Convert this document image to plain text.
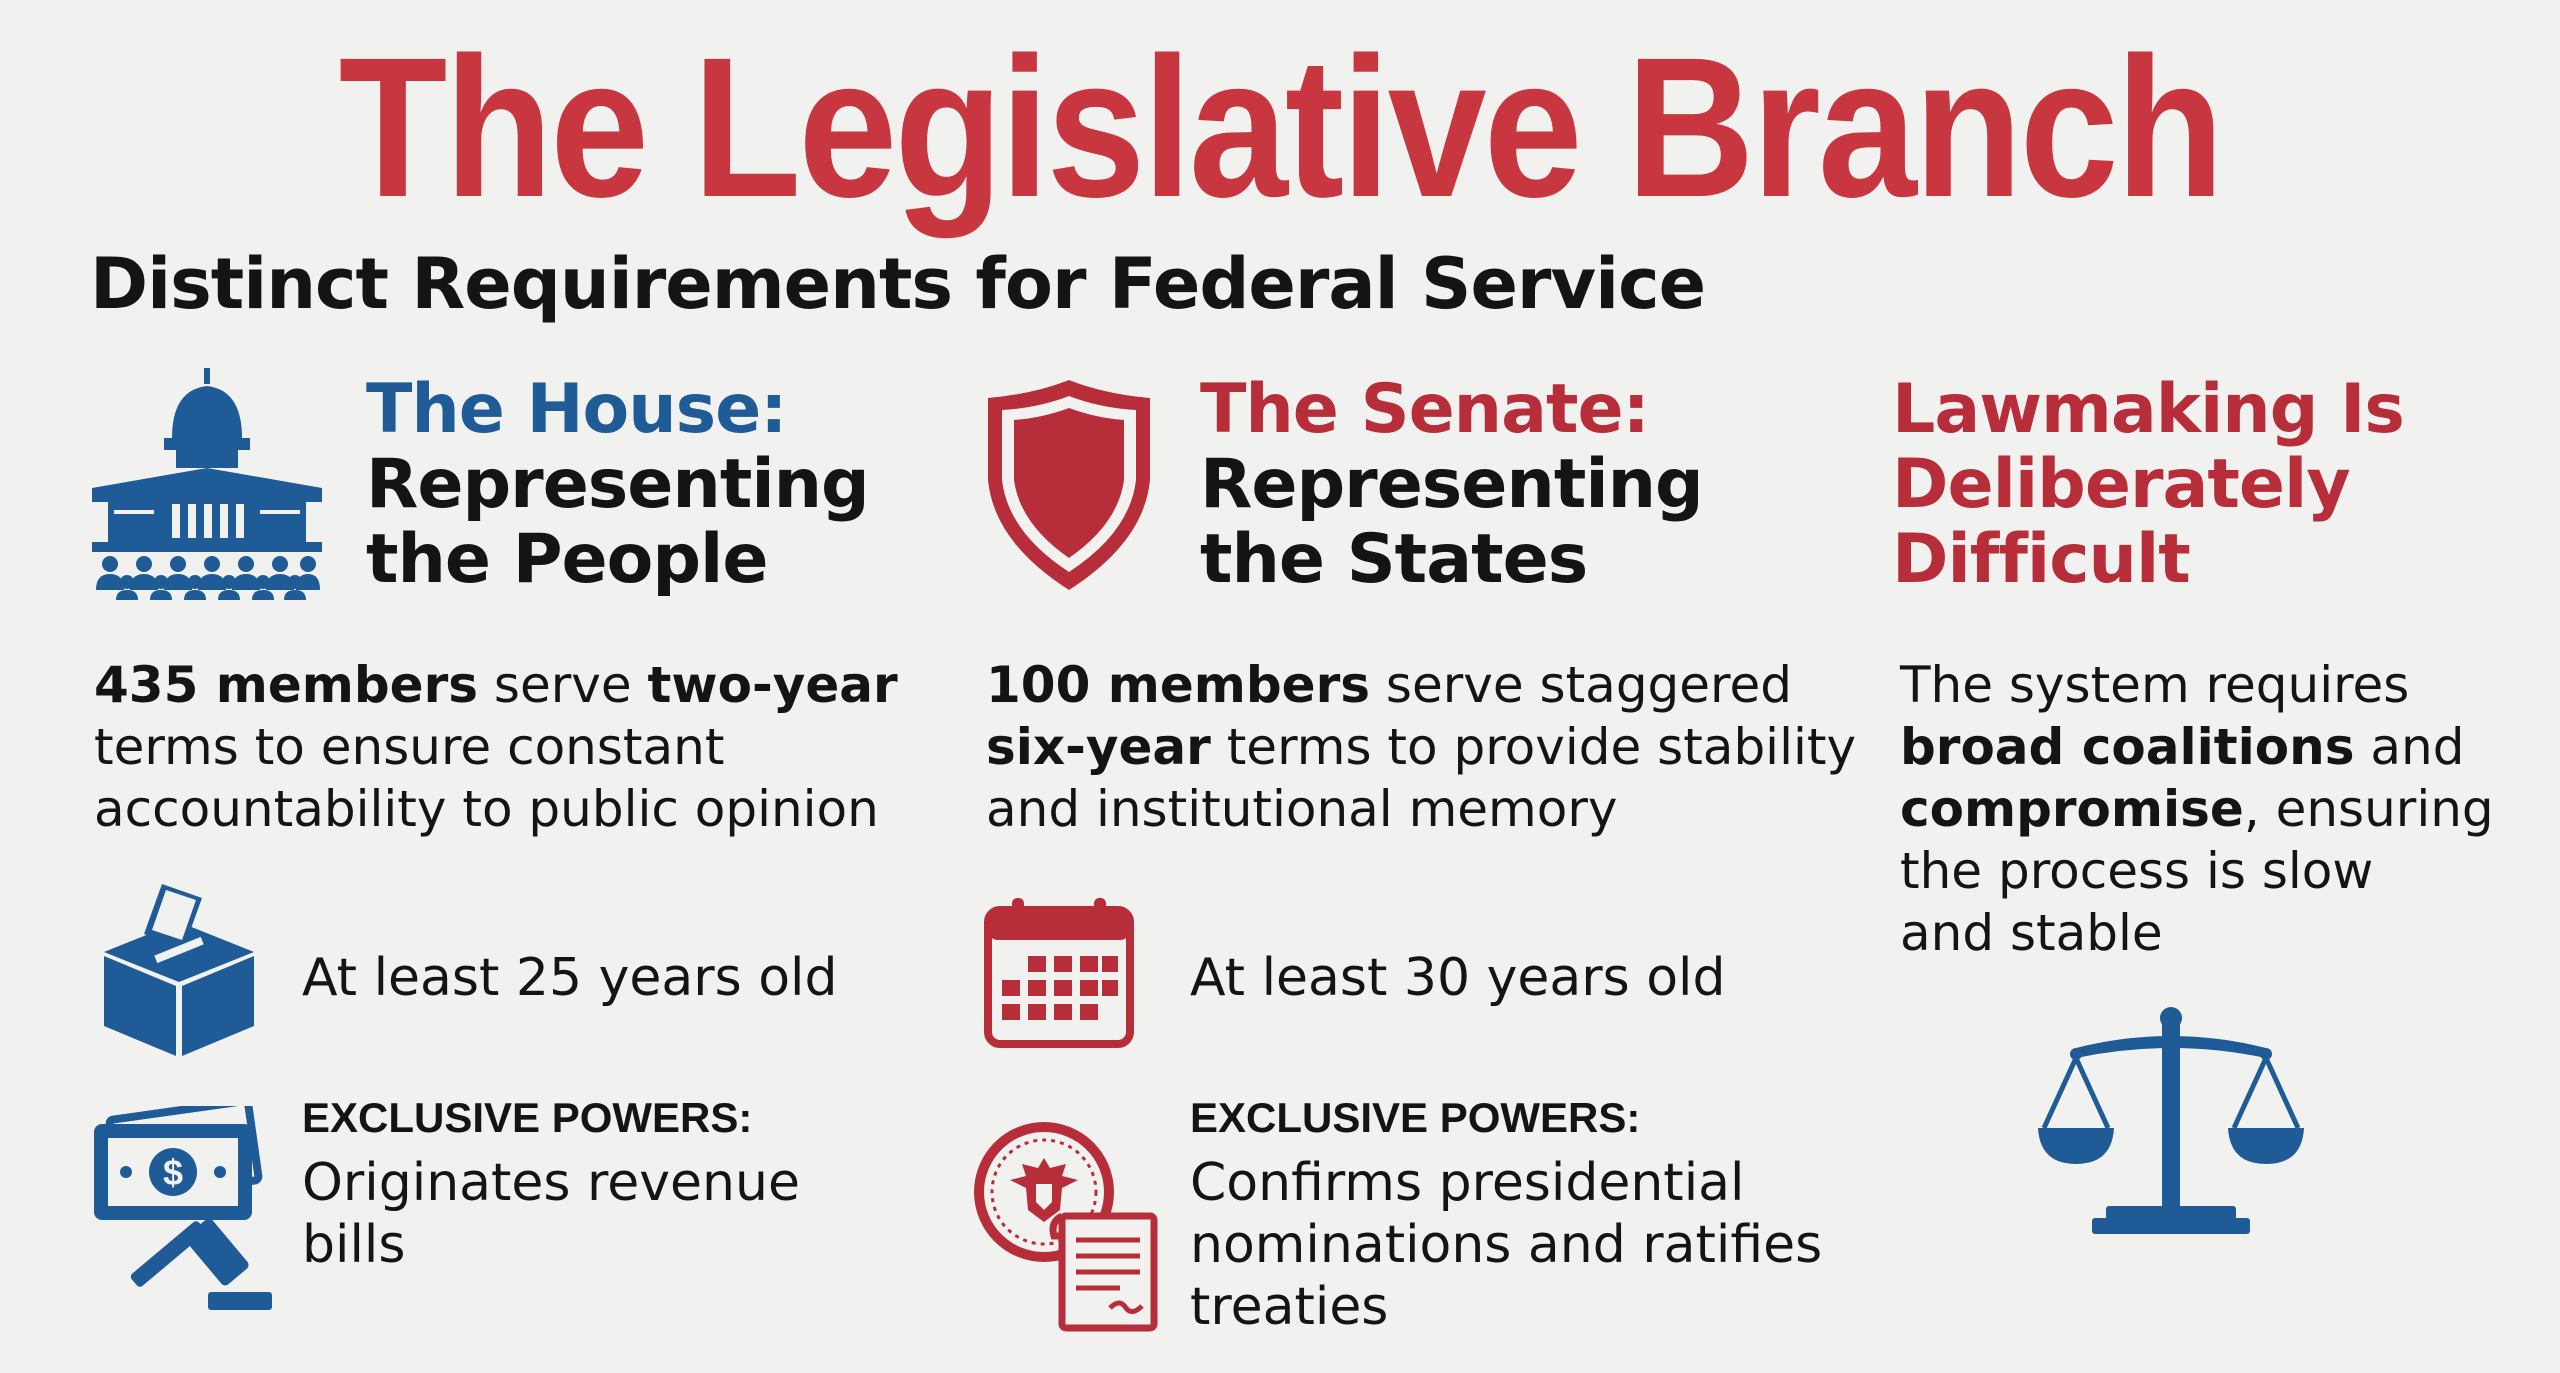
The Legislative Branch
Distinct Requirements for Federal Service
The House:
Representing
the People
435 members serve two-year
terms to ensure constant
accountability to public opinion
At least 25 years old
$
EXCLUSIVE POWERS:
Originates revenue
bills
The Senate:
Representing
the States
100 members serve staggered
six-year terms to provide stability
and institutional memory
At least 30 years old
EXCLUSIVE POWERS:
Confirms presidential
nominations and ratifies
treaties
Lawmaking Is
Deliberately
Difficult
The system requires
broad coalitions and
compromise, ensuring
the process is slow
and stable
